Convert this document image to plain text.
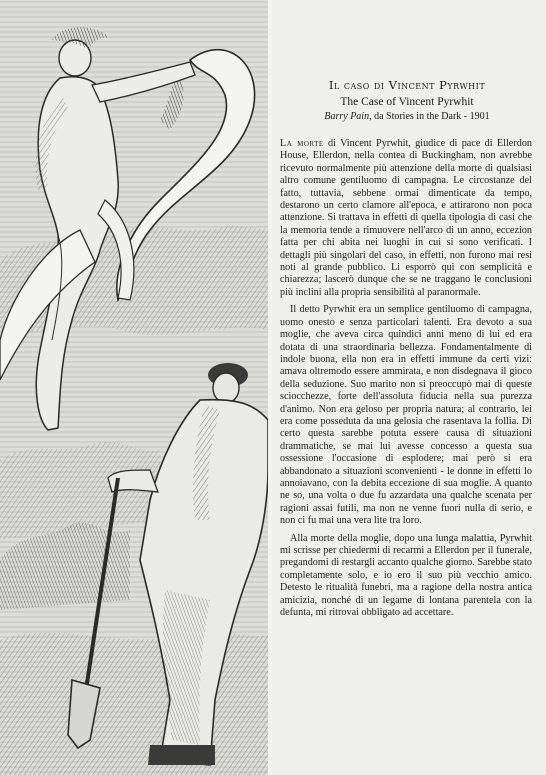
Il caso di Vincent Pyrwhit
The Case of Vincent Pyrwhit
Barry Pain, da Stories in the Dark - 1901

La morte di Vincent Pyrwhit, giudice di pace di Ellerdon House, Ellerdon, nella contea di Buckingham, non avrebbe ricevuto normalmente più attenzione della morte di qualsiasi altro comune gentiluomo di campagna. Le circostanze del fatto, tuttavia, sebbene ormai dimenticate da tempo, destarono un certo clamore all'epoca, e attirarono non poca attenzione. Si trattava in effetti di quella tipologia di casi che la memoria tende a rimuovere nell'arco di un anno, eccezion fatta per chi abita nei luoghi in cui si sono verificati. I dettagli più singolari del caso, in effetti, non furono mai resi noti al grande pubblico. Li esporrò qui con semplicità e chiarezza; lascerò dunque che se ne traggano le conclusioni più inclini alla propria sensibilità al paranormale.

Il detto Pyrwhit era un semplice gentiluomo di campagna, uomo onesto e senza particolari talenti. Era devoto a sua moglie, che aveva circa quindici anni meno di lui ed era dotata di una straordinaria bellezza. Fondamentalmente di indole buona, ella non era in effetti immune da certi vizi: amava oltremodo essere ammirata, e non disdegnava il gioco della seduzione. Suo marito non si preoccupò mai di queste sciocchezze, forte dell'assoluta fiducia nella sua purezza d'animo. Non era geloso per propria natura; al contrario, lei era come posseduta da una gelosia che rasentava la follia. Di certo questa sarebbe potuta essere causa di situazioni drammatiche, se mai lui avesse concesso a questa sua ossessione l'occasione di esplodere; mai però si era abbandonato a situazioni sconvenienti - le donne in effetti lo annoiavano, con la debita eccezione di sua moglie. A quanto ne so, una volta o due fu azzardata una qualche scenata per ragioni assai futili, ma non ne venne fuori nulla di serio, e non ci fu mai una vera lite tra loro.

Alla morte della moglie, dopo una lunga malattia, Pyrwhit mi scrisse per chiedermi di recarmi a Ellerdon per il funerale, pregandomi di restargli accanto qualche giorno. Sarebbe stato completamente solo, e io ero il suo più vecchio amico. Detesto le ritualità funebri, ma a ragione della nostra antica amicizia, nonché di un legame di lontana parentela con la defunta, mi ritrovai obbligato ad accettare.
